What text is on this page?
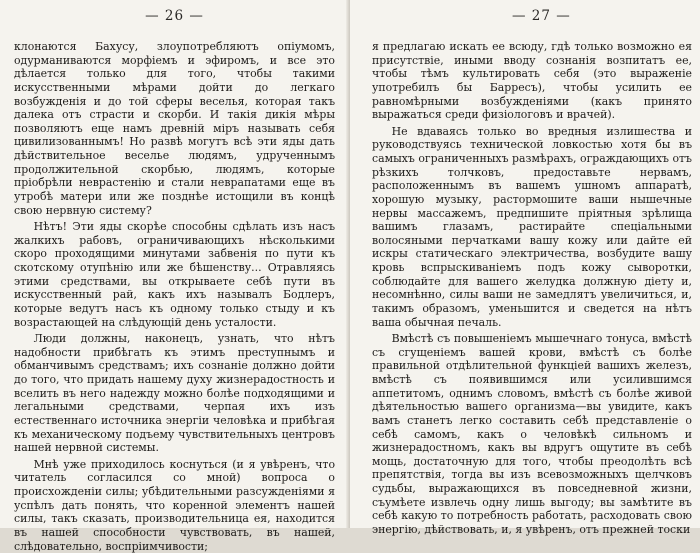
— 26 —

клонаются Бахусу, злоупотребляютъ опiумомъ, одурманиваются морфiемъ и эфиромъ, и все это дѣлается только для того, чтобы такими искусственными мѣрами дойти до легкаго возбужденiя и до той сферы веселья, которая такъ далека отъ страсти и скорби. И такiя дикiя мѣры позволяютъ еще намъ древнiй мiръ называть себя цивилизованнымъ! Но развѣ могутъ всѣ эти яды дать дѣйствительное веселье людямъ, удрученнымъ продолжительной скорбью, людямъ, которые прiобрѣли неврастенiю и стали неврапатами еще въ утробѣ матери или же позднѣе истощили въ концѣ свою нервную систему?

Нѣтъ! Эти яды скорѣе способны сдѣлать изъ насъ жалкихъ рабовъ, ограничивающихъ нѣсколькими скоро проходящими минутами забвенiя по пути къ скотскому отупѣнiю или же бѣшенству... Отравляясь этими средствами, вы открываете себѣ пути въ искусственный рай, какъ ихъ называлъ Бодлеръ, которые ведутъ насъ къ одному только стыду и къ возрастающей на слѣдующiй день усталости.

Люди должны, наконецъ, узнать, что нѣтъ надобности прибѣгать къ этимъ преступнымъ и обманчивымъ средствамъ; ихъ сознанiе должно дойти до того, что придать нашему духу жизнерадостность и вселить въ него надежду можно болѣе подходящими и легальными средствами, черпая ихъ изъ естественнаго источника энергiи человѣка и прибѣгая къ механическому подъему чувствительныхъ центровъ нашей нервной системы.

Мнѣ уже приходилось коснуться (и я увѣренъ, что читатель согласился со мной) вопроса о происхожденiи силы; убѣдительными разсужденiями я успѣлъ дать понять, что коренной элементъ нашей силы, такъ сказать, производительница ея, находится въ нашей способности чувствовать, въ нашей, слѣдовательно, воспрiимчивости;

— 27 —

я предлагаю искать ее всюду, гдѣ только возможно ея присутствiе, иными вводу сознанiя возпитатъ ее, чтобы тѣмъ культировать себя (это выраженiе употребилъ бы Барресъ), чтобы усилить ее равномѣрными возбужденiями (какъ принято выражаться среди физiологовъ и врачей).

Не вдаваясь только во вредныя излишества и руководствуясь технической ловкостью хотя бы въ самыхъ ограниченныхъ размѣрахъ, ограждающихъ отъ рѣзкихъ толчковъ, предоставьте нервамъ, расположеннымъ въ вашемъ ушномъ аппаратѣ, хорошую музыку, растормошите ваши нышечные нервы массажемъ, предпишите прiятныя зрѣлища вашимъ глазамъ, растирайте спецiальными волосяными перчатками вашу кожу или дайте ей искры статическаго электричества, возбудите вашу кровь вспрыскиванiемъ подъ кожу сыворотки, соблюдайте для вашего желудка должную дiету и, несомнѣнно, силы ваши не замедлятъ увеличиться, и, такимъ образомъ, уменьшится и сведется на нѣтъ ваша обычная печаль.

Вмѣстѣ съ повышенiемъ мышечнаго тонуса, вмѣстѣ съ сгущенiемъ вашей крови, вмѣстѣ съ болѣе правильной отдѣлительной функцiей вашихъ железъ, вмѣстѣ съ появившимся или усилившимся аппетитомъ, однимъ словомъ, вмѣстѣ съ болѣе живой дѣятельностью вашего организма—вы увидите, какъ вамъ станетъ легко составить себѣ представленiе о себѣ самомъ, какъ о человѣкѣ сильномъ и жизнерадостномъ, какъ вы вдругъ ощутите въ себѣ мощь, достаточную для того, чтобы преодолѣть всѣ препятствiя, тогда вы изъ всевозможныхъ щелчковъ судьбы, выражающихся въ повседневной жизни, съумѣете извлечь одну лишь выгоду; вы замѣтите въ себѣ какую то потребность работать, расходовать свою энергiю, дѣйствовать, и, я увѣренъ, отъ прежней тоски
